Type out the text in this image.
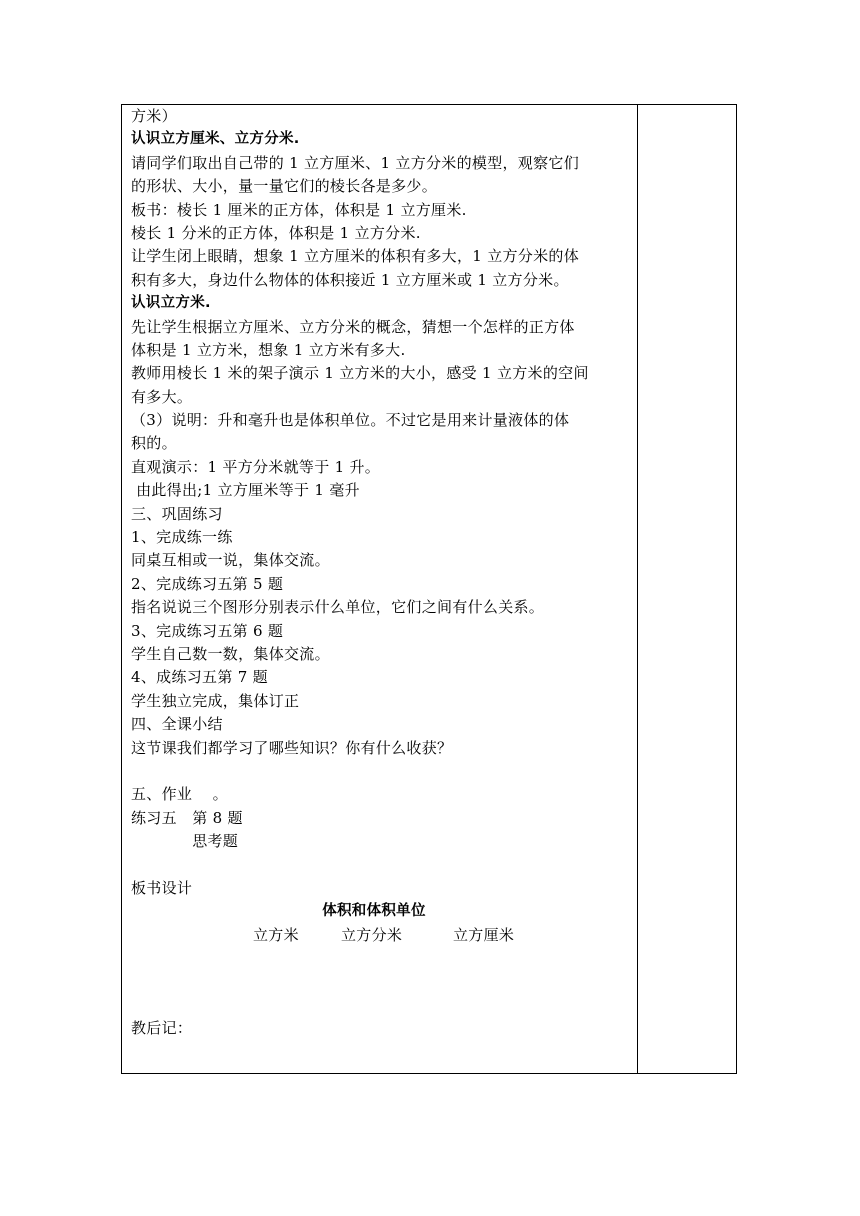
方米）
认识立方厘米、立方分米.
请同学们取出自己带的 1 立方厘米、1 立方分米的模型，观察它们
的形状、大小，量一量它们的棱长各是多少。
板书：棱长 1 厘米的正方体，体积是 1 立方厘米.
棱长 1 分米的正方体，体积是 1 立方分米.
让学生闭上眼睛，想象 1 立方厘米的体积有多大，1 立方分米的体
积有多大，身边什么物体的体积接近 1 立方厘米或 1 立方分米。
认识立方米.
先让学生根据立方厘米、立方分米的概念，猜想一个怎样的正方体
体积是 1 立方米，想象 1 立方米有多大.
教师用棱长 1 米的架子演示 1 立方米的大小，感受 1 立方米的空间
有多大。
（3）说明：升和毫升也是体积单位。不过它是用来计量液体的体
积的。
直观演示：1 平方分米就等于 1 升。
由此得出;1 立方厘米等于 1 毫升
三、巩固练习
1、完成练一练
同桌互相或一说，集体交流。
2、完成练习五第 5 题
指名说说三个图形分别表示什么单位，它们之间有什么关系。
3、完成练习五第 6 题
学生自己数一数，集体交流。
4、成练习五第 7 题
学生独立完成，集体订正
四、全课小结
这节课我们都学习了哪些知识？你有什么收获？
五、作业　 。
练习五　第 8 题
　　　　思考题
板书设计
体积和体积单位
立方米	立方分米	立方厘米
教后记：
